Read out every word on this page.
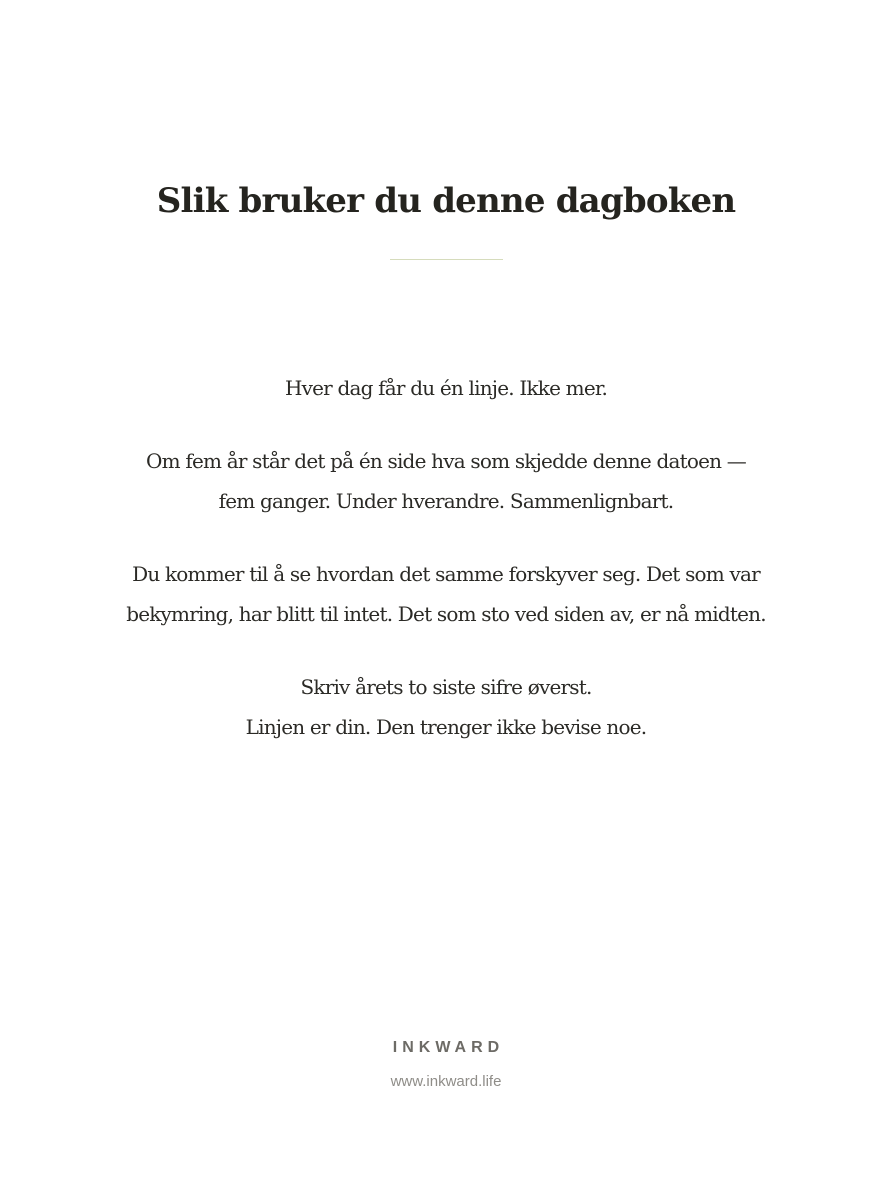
Slik bruker du denne dagboken

Hver dag får du én linje. Ikke mer.

Om fem år står det på én side hva som skjedde denne datoen —
fem ganger. Under hverandre. Sammenlignbart.

Du kommer til å se hvordan det samme forskyver seg. Det som var
bekymring, har blitt til intet. Det som sto ved siden av, er nå midten.

Skriv årets to siste sifre øverst.
Linjen er din. Den trenger ikke bevise noe.

INKWARD
www.inkward.life
